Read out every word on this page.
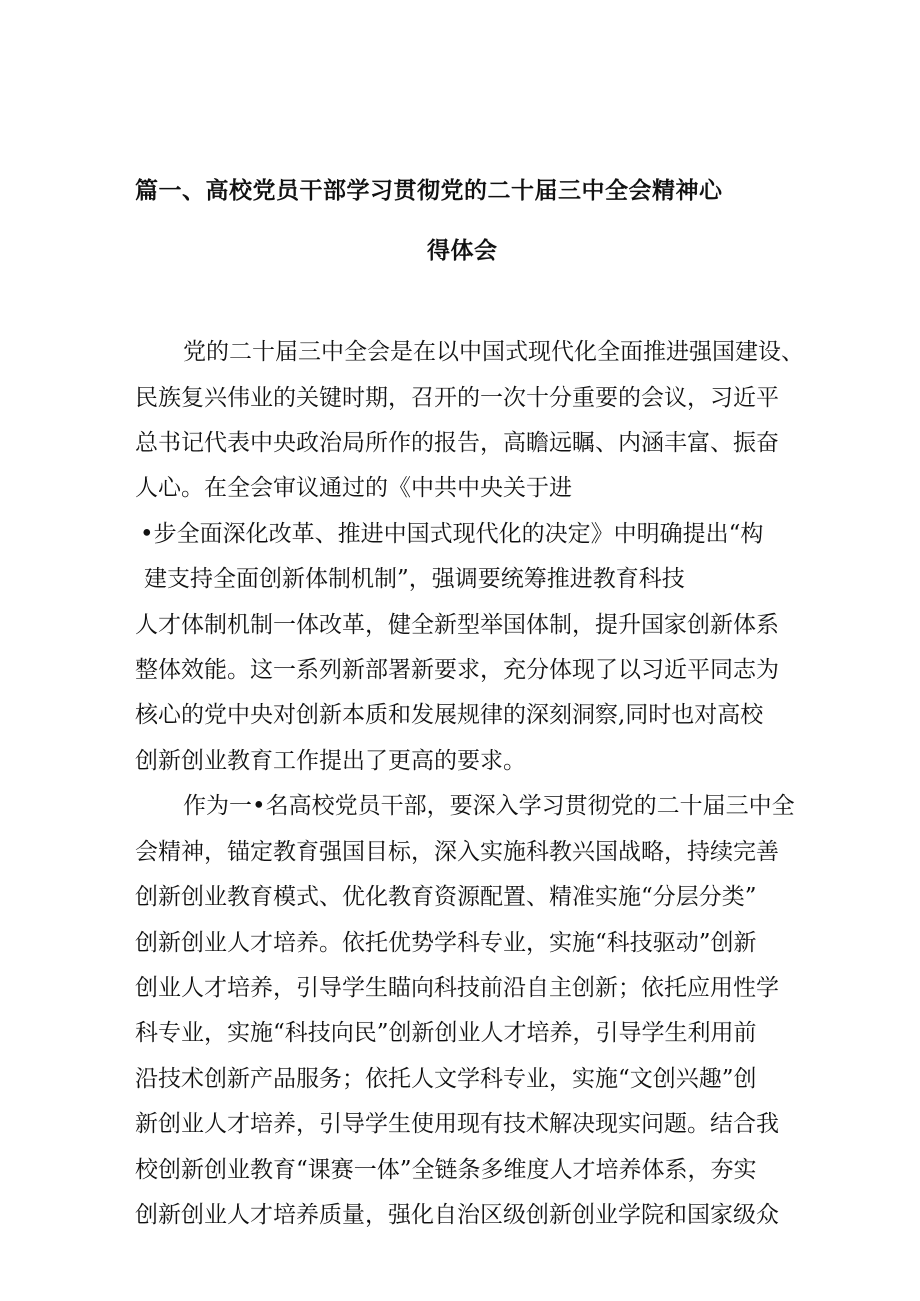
篇一、高校党员干部学习贯彻党的二十届三中全会精神心
得体会
党的二十届三中全会是在以中国式现代化全面推进强国建设、
民族复兴伟业的关键时期，召开的一次十分重要的会议，习近平
总书记代表中央政治局所作的报告，高瞻远瞩、内涵丰富、振奋
人心。在全会审议通过的《中共中央关于进
•步全面深化改革、推进中国式现代化的决定》中明确提出“构
建支持全面创新体制机制”，强调要统筹推进教育科技
人才体制机制一体改革，健全新型举国体制，提升国家创新体系
整体效能。这一系列新部署新要求，充分体现了以习近平同志为
核心的党中央对创新本质和发展规律的深刻洞察,同时也对高校
创新创业教育工作提出了更高的要求。
作为一•名高校党员干部，要深入学习贯彻党的二十届三中全
会精神，锚定教育强国目标，深入实施科教兴国战略，持续完善
创新创业教育模式、优化教育资源配置、精准实施“分层分类”
创新创业人才培养。依托优势学科专业，实施“科技驱动”创新
创业人才培养，引导学生瞄向科技前沿自主创新；依托应用性学
科专业，实施“科技向民”创新创业人才培养，引导学生利用前
沿技术创新产品服务；依托人文学科专业，实施“文创兴趣”创
新创业人才培养，引导学生使用现有技术解决现实问题。结合我
校创新创业教育“课赛一体”全链条多维度人才培养体系，夯实
创新创业人才培养质量，强化自治区级创新创业学院和国家级众
